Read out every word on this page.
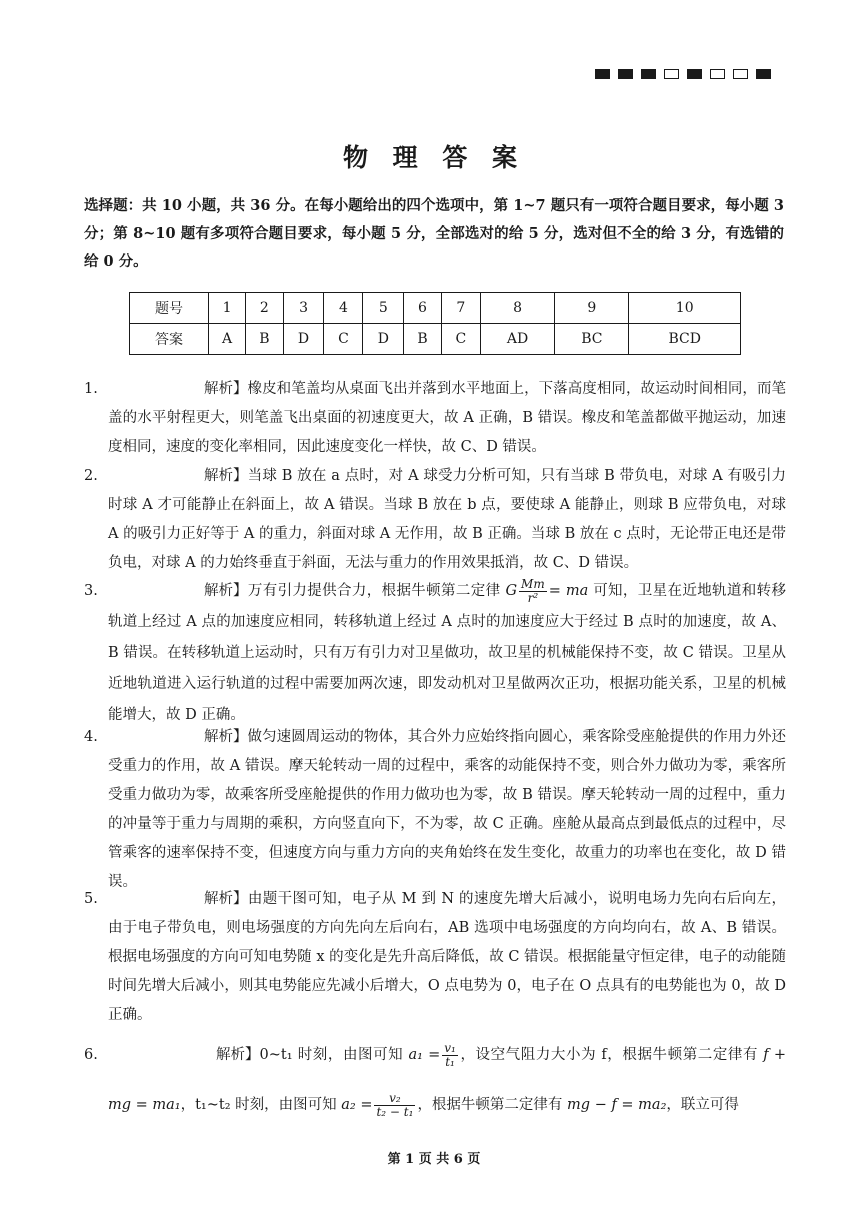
物 理 答 案
选择题：共 10 小题，共 36 分。在每小题给出的四个选项中，第 1~7 题只有一项符合题目要求，每小题 3 分；第 8~10 题有多项符合题目要求，每小题 5 分，全部选对的给 5 分，选对但不全的给 3 分，有选错的给 0 分。
题号	1	2	3	4	5	6	7	8	9	10
答案	A	B	D	C	D	B	C	AD	BC	BCD
1.	解析】橡皮和笔盖均从桌面飞出并落到水平地面上，下落高度相同，故运动时间相同，而笔盖的水平射程更大，则笔盖飞出桌面的初速度更大，故 A 正确，B 错误。橡皮和笔盖都做平抛运动，加速度相同，速度的变化率相同，因此速度变化一样快，故 C、D 错误。
2.	解析】当球 B 放在 a 点时，对 A 球受力分析可知，只有当球 B 带负电，对球 A 有吸引力时球 A 才可能静止在斜面上，故 A 错误。当球 B 放在 b 点，要使球 A 能静止，则球 B 应带负电，对球 A 的吸引力正好等于 A 的重力，斜面对球 A 无作用，故 B 正确。当球 B 放在 c 点时，无论带正电还是带负电，对球 A 的力始终垂直于斜面，无法与重力的作用效果抵消，故 C、D 错误。
3.	解析】万有引力提供合力，根据牛顿第二定律 G $\frac{Mm}{\text{r²}}$ = ma 可知，卫星在近地轨道和转移轨道上经过 A 点的加速度应相同，转移轨道上经过 A 点时的加速度应大于经过 B 点时的加速度，故 A、B 错误。在转移轨道上运动时，只有万有引力对卫星做功，故卫星的机械能保持不变，故 C 错误。卫星从近地轨道进入运行轨道的过程中需要加两次速，即发动机对卫星做两次正功，根据功能关系，卫星的机械能增大，故 D 正确。
4.	解析】做匀速圆周运动的物体，其合外力应始终指向圆心，乘客除受座舱提供的作用力外还受重力的作用，故 A 错误。摩天轮转动一周的过程中，乘客的动能保持不变，则合外力做功为零，乘客所受重力做功为零，故乘客所受座舱提供的作用力做功也为零，故 B 错误。摩天轮转动一周的过程中，重力的冲量等于重力与周期的乘积，方向竖直向下，不为零，故 C 正确。座舱从最高点到最低点的过程中，尽管乘客的速率保持不变，但速度方向与重力方向的夹角始终在发生变化，故重力的功率也在变化，故 D 错误。
5.	解析】由题干图可知，电子从 M 到 N 的速度先增大后减小，说明电场力先向右后向左，由于电子带负电，则电场强度的方向先向左后向右，AB 选项中电场强度的方向均向右，故 A、B 错误。根据电场强度的方向可知电势随 x 的变化是先升高后降低，故 C 错误。根据能量守恒定律，电子的动能随时间先增大后减小，则其电势能应先减小后增大，O 点电势为 0，电子在 O 点具有的电势能也为 0，故 D 正确。
6.	解析】0~t₁ 时刻，由图可知 $a_1 = \frac{\text{v₁}}{\text{t₁}}$ ，设空气阻力大小为 f，根据牛顿第二定律有 f + mg = ma₁，t₁~t₂ 时刻，由图可知 $a_2 = \frac{\text{v₂}}{\text{t₂ − t₁}}$ ，根据牛顿第二定律有 mg − f = ma₂，联立可得
第 1 页 共 6 页
